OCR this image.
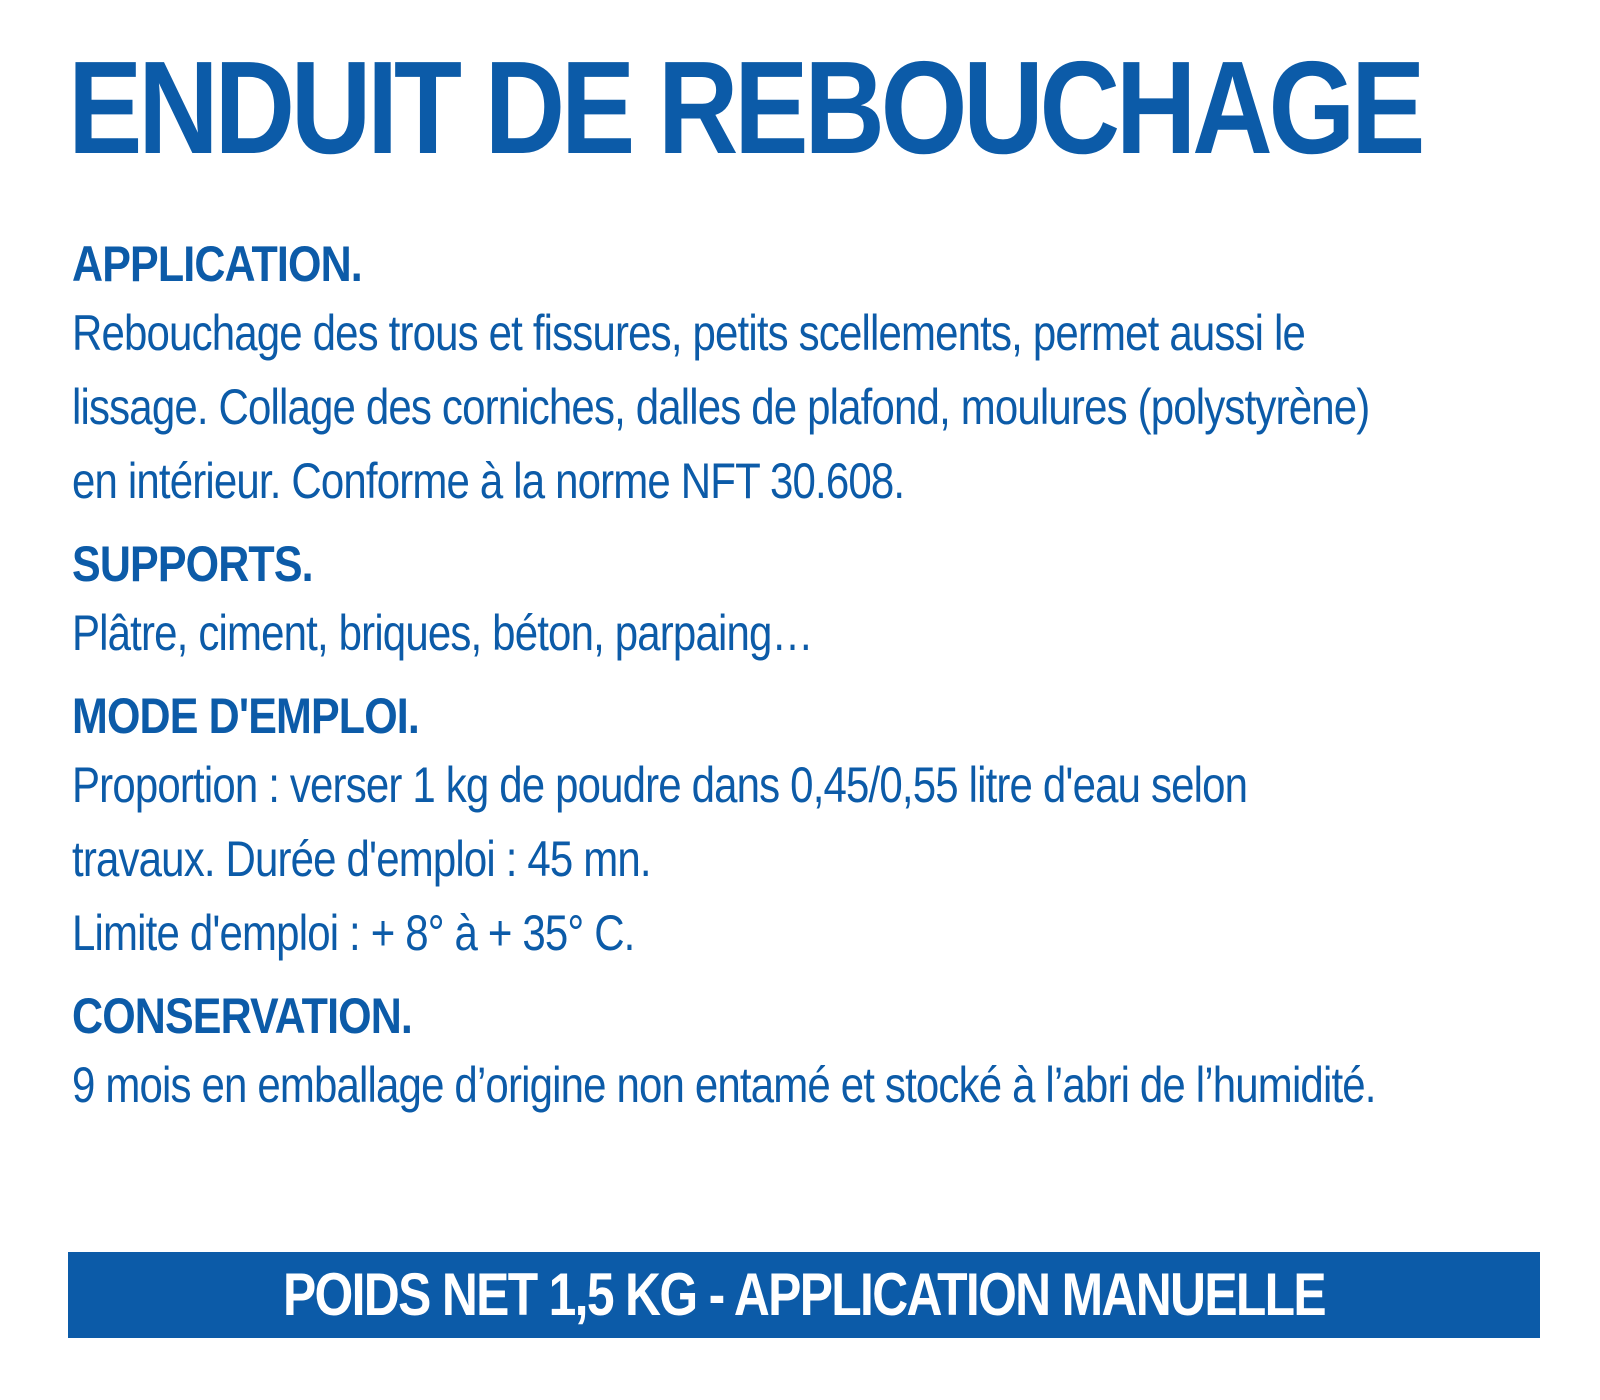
ENDUIT DE REBOUCHAGE
APPLICATION.
Rebouchage des trous et fissures, petits scellements, permet aussi le
lissage. Collage des corniches, dalles de plafond, moulures (polystyrène)
en intérieur. Conforme à la norme NFT 30.608.
SUPPORTS.
Plâtre, ciment, briques, béton, parpaing…
MODE D'EMPLOI.
Proportion : verser 1 kg de poudre dans 0,45/0,55 litre d'eau selon
travaux. Durée d'emploi : 45 mn.
Limite d'emploi : + 8° à + 35° C.
CONSERVATION.
9 mois en emballage d’origine non entamé et stocké à l’abri de l’humidité.
POIDS NET 1,5 KG - APPLICATION MANUELLE
